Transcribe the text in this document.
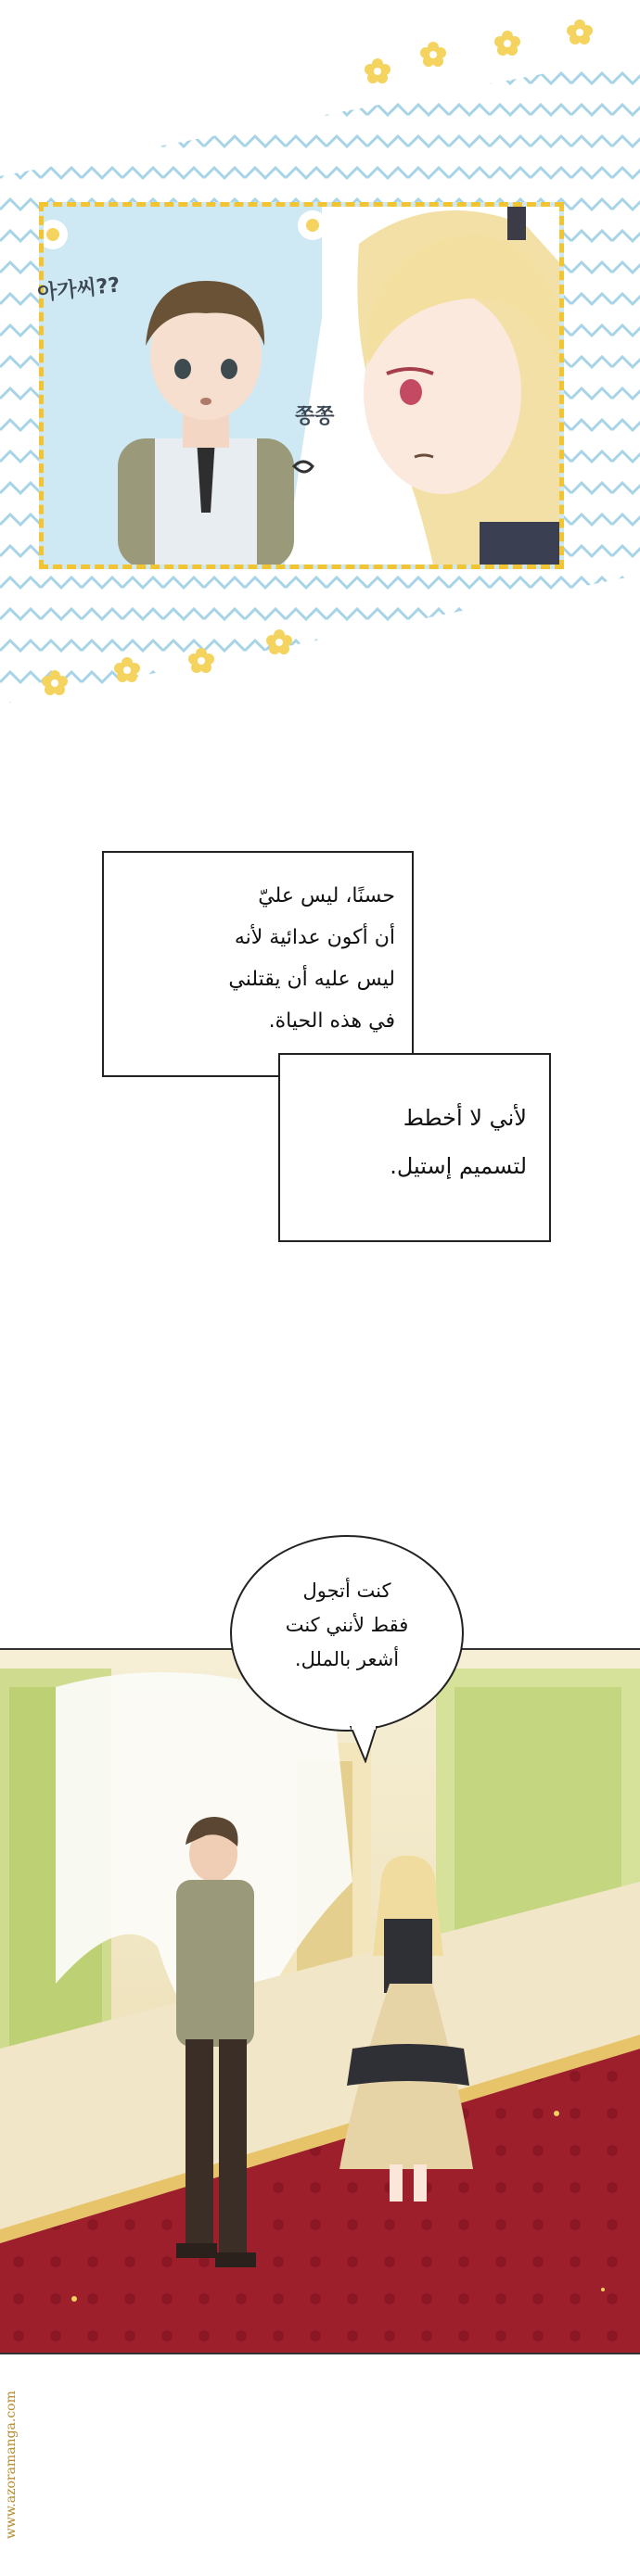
아가씨??
쫑쫑
حسنًا، ليس عليّ
أن أكون عدائية لأنه
ليس عليه أن يقتلني
في هذه الحياة.
لأني لا أخطط
لتسميم إستيل.
كنت أتجول
فقط لأنني كنت
أشعر بالملل.
www.azoramanga.com
